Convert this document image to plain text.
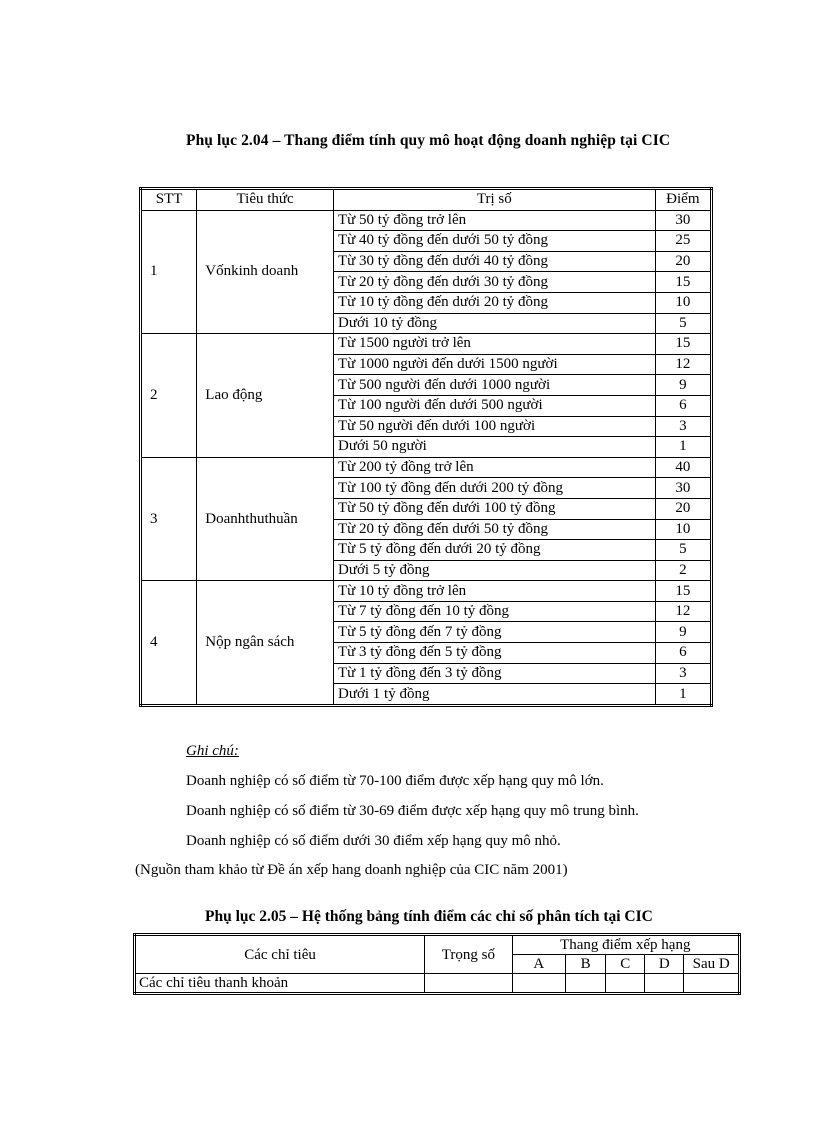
Phụ lục 2.04 – Thang điểm tính quy mô hoạt động doanh nghiệp tại CIC
STT	Tiêu thức	Trị số	Điểm
1	Vốnkinh doanh	Từ 50 tỷ đồng trở lên	30
		Từ 40 tỷ đồng đến dưới 50 tỷ đồng	25
		Từ 30 tỷ đồng đến dưới 40 tỷ đồng	20
		Từ 20 tỷ đồng đến dưới 30 tỷ đồng	15
		Từ 10 tỷ đồng đến dưới 20 tỷ đồng	10
		Dưới 10 tỷ đồng	5
2	Lao động	Từ 1500 người trở lên	15
		Từ 1000 người đến dưới 1500 người	12
		Từ 500 người đến dưới 1000 người	9
		Từ 100 người đến dưới 500 người	6
		Từ 50 người đến dưới 100 người	3
		Dưới 50 người	1
3	Doanhthuthuần	Từ 200 tỷ đồng trở lên	40
		Từ 100 tỷ đồng đến dưới 200 tỷ đồng	30
		Từ 50 tỷ đồng đến dưới 100 tỷ đồng	20
		Từ 20 tỷ đồng đến dưới 50 tỷ đồng	10
		Từ 5 tỷ đồng đến dưới 20 tỷ đồng	5
		Dưới 5 tỷ đồng	2
4	Nộp ngân sách	Từ 10 tỷ đồng trở lên	15
		Từ 7 tỷ đồng đến 10 tỷ đồng	12
		Từ 5 tỷ đồng đến 7 tỷ đồng	9
		Từ 3 tỷ đồng đến 5 tỷ đồng	6
		Từ 1 tỷ đồng đến 3 tỷ đồng	3
		Dưới 1 tỷ đồng	1
Ghi chú:
Doanh nghiệp có số điểm từ 70-100 điểm được xếp hạng quy mô lớn.
Doanh nghiệp có số điểm từ 30-69 điểm được xếp hạng quy mô trung bình.
Doanh nghiệp có số điểm dưới 30 điểm xếp hạng quy mô nhỏ.
(Nguồn tham khảo từ Đề án xếp hang doanh nghiệp của CIC năm 2001)
Phụ lục 2.05 – Hệ thống bảng tính điểm các chỉ số phân tích tại CIC
Các chỉ tiêu	Trọng số	Thang điểm xếp hạng				
		A	B	C	D	Sau D
Các chỉ tiêu thanh khoản						
